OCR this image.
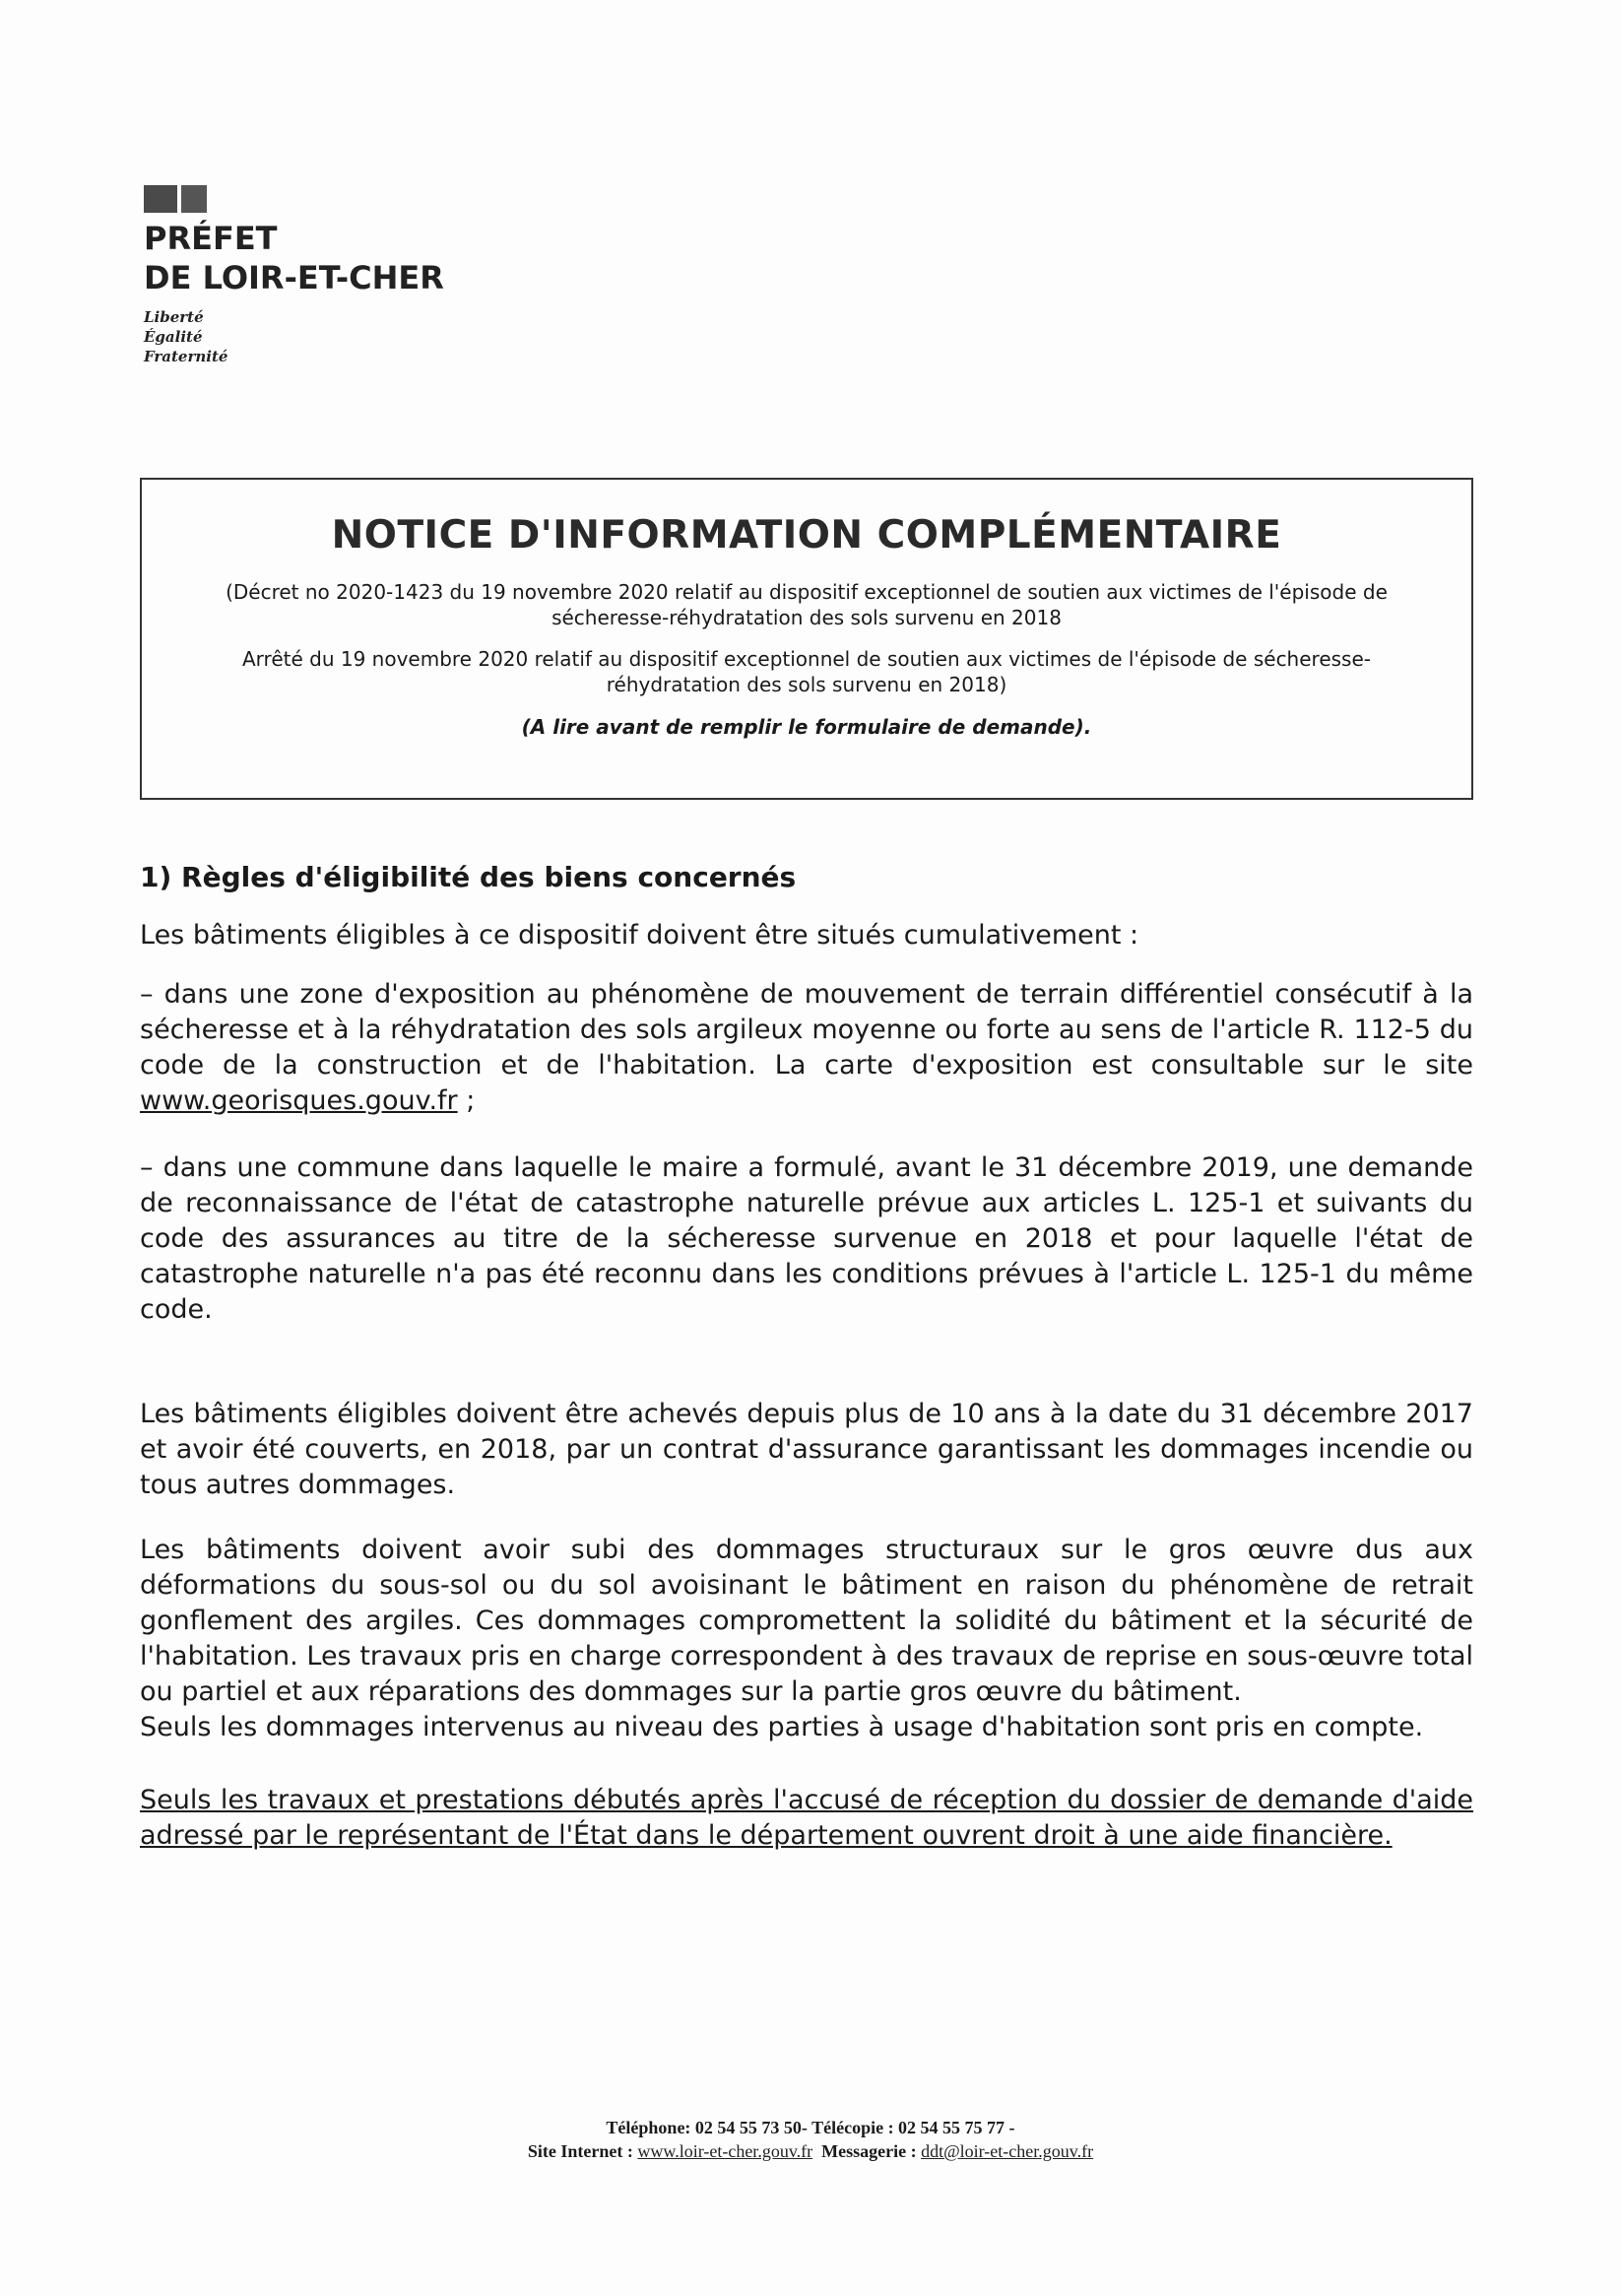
PRÉFET
DE LOIR-ET-CHER
Liberté
Égalité
Fraternité
NOTICE D'INFORMATION COMPLÉMENTAIRE
(Décret no 2020-1423 du 19 novembre 2020 relatif au dispositif exceptionnel de soutien aux victimes de l'épisode de sécheresse-réhydratation des sols survenu en 2018
Arrêté du 19 novembre 2020 relatif au dispositif exceptionnel de soutien aux victimes de l'épisode de sécheresse-réhydratation des sols survenu en 2018)
(A lire avant de remplir le formulaire de demande).
1) Règles d'éligibilité des biens concernés
Les bâtiments éligibles à ce dispositif doivent être situés cumulativement :
– dans une zone d'exposition au phénomène de mouvement de terrain différentiel consécutif à la sécheresse et à la réhydratation des sols argileux moyenne ou forte au sens de l'article R. 112-5 du code de la construction et de l'habitation. La carte d'exposition est consultable sur le site www.georisques.gouv.fr ;
– dans une commune dans laquelle le maire a formulé, avant le 31 décembre 2019, une demande de reconnaissance de l'état de catastrophe naturelle prévue aux articles L. 125-1 et suivants du code des assurances au titre de la sécheresse survenue en 2018 et pour laquelle l'état de catastrophe naturelle n'a pas été reconnu dans les conditions prévues à l'article L. 125-1 du même code.
Les bâtiments éligibles doivent être achevés depuis plus de 10 ans à la date du 31 décembre 2017 et avoir été couverts, en 2018, par un contrat d'assurance garantissant les dommages incendie ou tous autres dommages.
Les bâtiments doivent avoir subi des dommages structuraux sur le gros œuvre dus aux déformations du sous-sol ou du sol avoisinant le bâtiment en raison du phénomène de retrait gonflement des argiles. Ces dommages compromettent la solidité du bâtiment et la sécurité de l'habitation. Les travaux pris en charge correspondent à des travaux de reprise en sous-œuvre total ou partiel et aux réparations des dommages sur la partie gros œuvre du bâtiment.
Seuls les dommages intervenus au niveau des parties à usage d'habitation sont pris en compte.
Seuls les travaux et prestations débutés après l'accusé de réception du dossier de demande d'aide adressé par le représentant de l'État dans le département ouvrent droit à une aide financière.
Téléphone: 02 54 55 73 50- Télécopie : 02 54 55 75 77 -
Site Internet : www.loir-et-cher.gouv.fr Messagerie : ddt@loir-et-cher.gouv.fr
